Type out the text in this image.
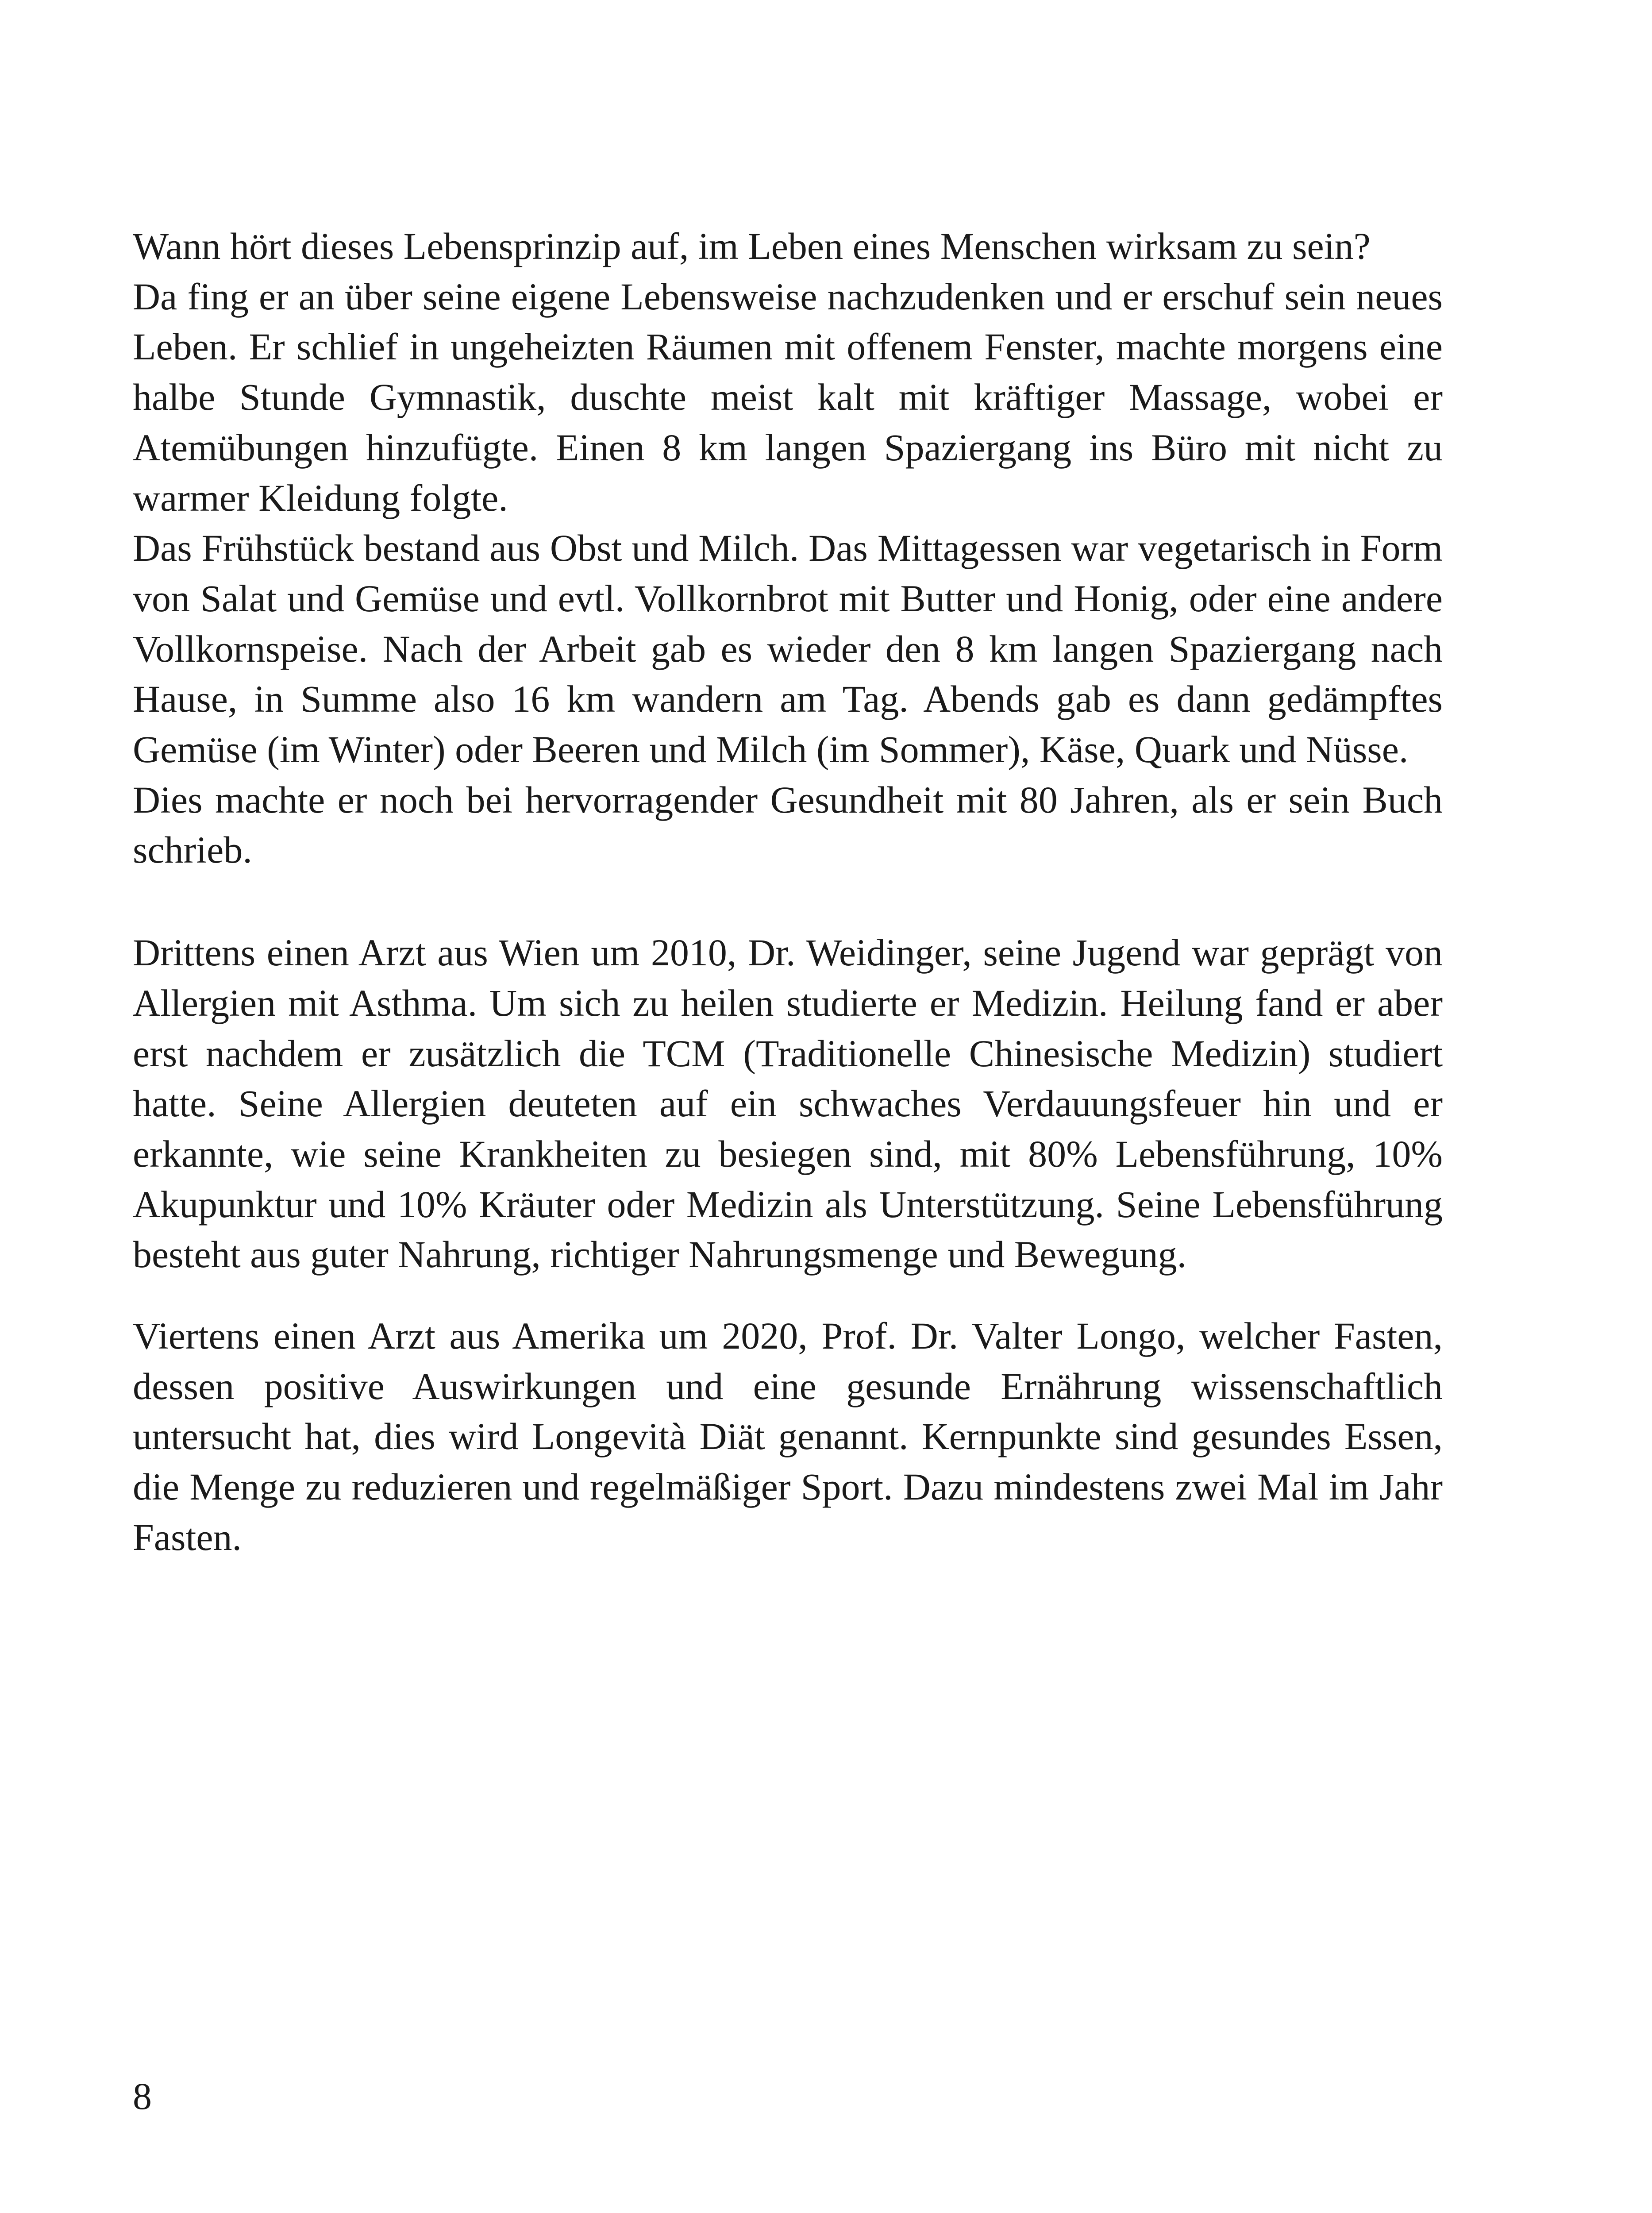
Wann hört dieses Lebensprinzip auf, im Leben eines Menschen wirksam zu sein?
Da fing er an über seine eigene Lebensweise nachzudenken und er erschuf sein neues Leben. Er schlief in ungeheizten Räumen mit offenem Fenster, machte morgens eine halbe Stunde Gymnastik, duschte meist kalt mit kräftiger Massage, wobei er Atemübungen hinzufügte. Einen 8 km langen Spaziergang ins Büro mit nicht zu warmer Kleidung folgte.
Das Frühstück bestand aus Obst und Milch. Das Mittagessen war vegetarisch in Form von Salat und Gemüse und evtl. Vollkornbrot mit Butter und Honig, oder eine andere Vollkornspeise. Nach der Arbeit gab es wieder den 8 km langen Spaziergang nach Hause, in Summe also 16 km wandern am Tag. Abends gab es dann gedämpftes Gemüse (im Winter) oder Beeren und Milch (im Sommer), Käse, Quark und Nüsse.
Dies machte er noch bei hervorragender Gesundheit mit 80 Jahren, als er sein Buch schrieb.

Drittens einen Arzt aus Wien um 2010, Dr. Weidinger, seine Jugend war geprägt von Allergien mit Asthma. Um sich zu heilen studierte er Medizin. Heilung fand er aber erst nachdem er zusätzlich die TCM (Traditionelle Chinesische Medizin) studiert hatte. Seine Allergien deuteten auf ein schwaches Verdauungsfeuer hin und er erkannte, wie seine Krankheiten zu besiegen sind, mit 80% Lebensführung, 10% Akupunktur und 10% Kräuter oder Medizin als Unterstützung. Seine Lebensführung besteht aus guter Nahrung, richtiger Nahrungsmenge und Bewegung.

Viertens einen Arzt aus Amerika um 2020, Prof. Dr. Valter Longo, welcher Fasten, dessen positive Auswirkungen und eine gesunde Ernährung wissenschaftlich untersucht hat, dies wird Longevità Diät genannt. Kernpunkte sind gesundes Essen, die Menge zu reduzieren und regelmäßiger Sport. Dazu mindestens zwei Mal im Jahr Fasten.

8
